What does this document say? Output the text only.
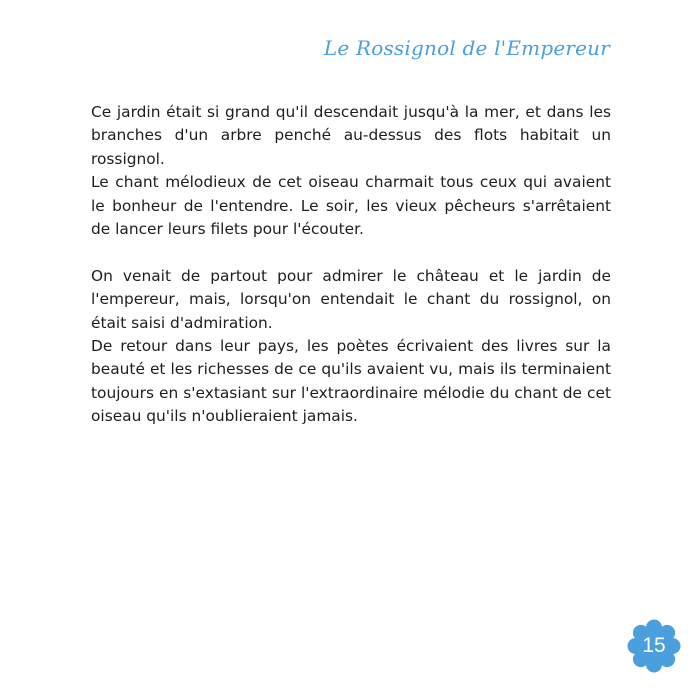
Le Rossignol de l'Empereur

Ce jardin était si grand qu'il descendait jusqu'à la mer, et dans les branches d'un arbre penché au-dessus des flots habitait un rossignol.

Le chant mélodieux de cet oiseau charmait tous ceux qui avaient le bonheur de l'entendre. Le soir, les vieux pêcheurs s'arrêtaient de lancer leurs filets pour l'écouter.

On venait de partout pour admirer le château et le jardin de l'empereur, mais, lorsqu'on entendait le chant du rossignol, on était saisi d'admiration.

De retour dans leur pays, les poètes écrivaient des livres sur la beauté et les richesses de ce qu'ils avaient vu, mais ils terminaient toujours en s'extasiant sur l'extraordinaire mélodie du chant de cet oiseau qu'ils n'oublieraient jamais.

15
